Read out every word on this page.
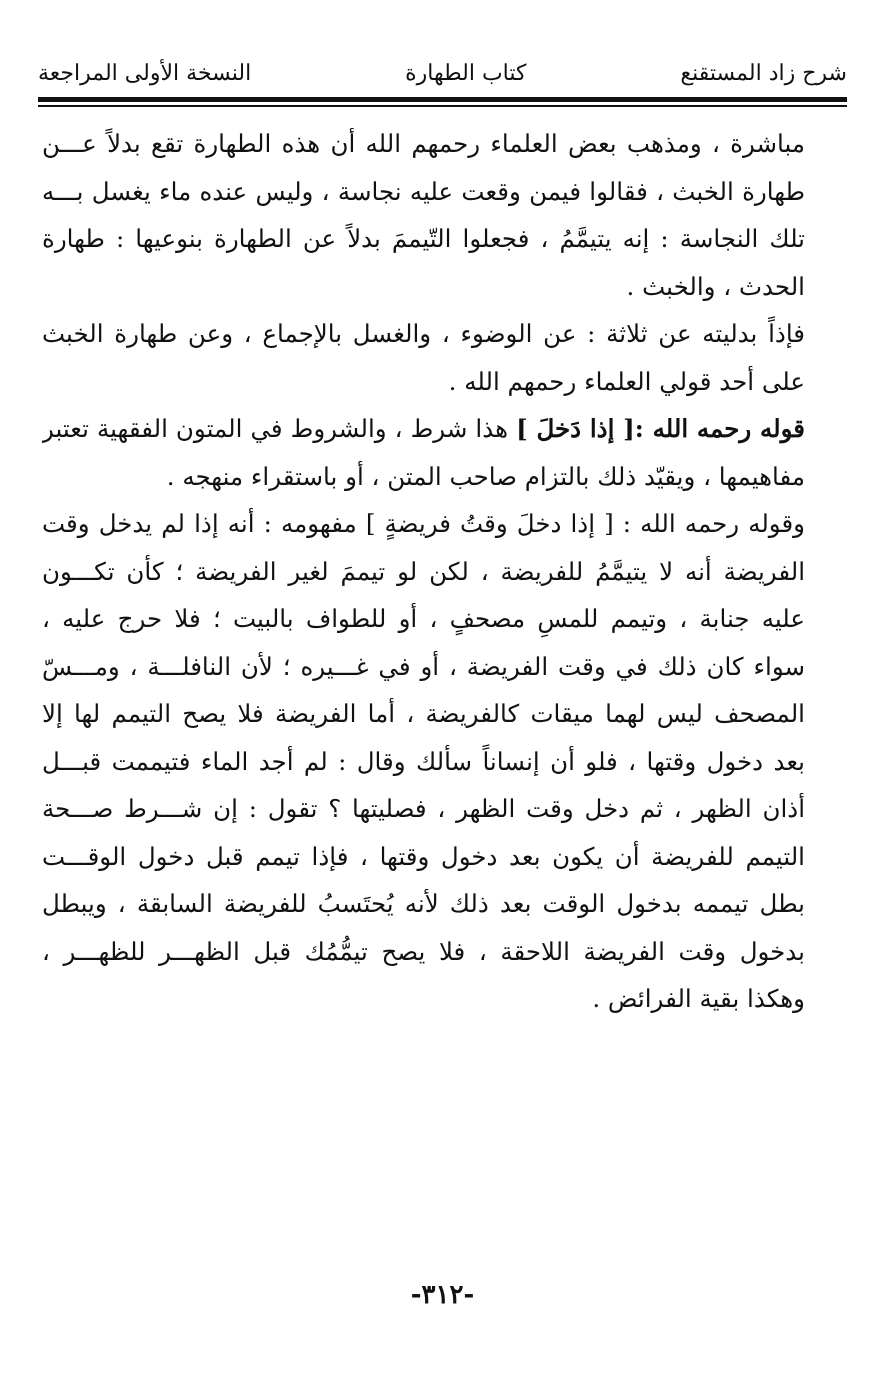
شرح زاد المستقنع
كتاب الطهارة
النسخة الأولى المراجعة
مباشرة ، ومذهب بعض العلماء رحمهم الله أن هذه الطهارة تقع بدلاً عـــن
طهارة الخبث ، فقالوا فيمن وقعت عليه نجاسة ، وليس عنده ماء يغسل بـــه
تلك النجاسة : إنه يتيمَّمُ ، فجعلوا التّيممَ بدلاً عن الطهارة بنوعيها : طهارة
الحدث ، والخبث .
فإذاً بدليته عن ثلاثة : عن الوضوء ، والغسل بالإجماع ، وعن طهارة الخبث
على أحد قولي العلماء رحمهم الله .
قوله رحمه الله :[ إذا دَخلَ ] هذا شرط ، والشروط في المتون الفقهية تعتبر
مفاهيمها ، ويقيّد ذلك بالتزام صاحب المتن ، أو باستقراء منهجه .
وقوله رحمه الله : [ إذا دخلَ وقتُ فريضةٍ ] مفهومه : أنه إذا لم يدخل وقت
الفريضة أنه لا يتيمَّمُ للفريضة ، لكن لو تيممَ لغير الفريضة ؛ كأن تكـــون
عليه جنابة ، وتيمم للمسِ مصحفٍ ، أو للطواف بالبيت ؛ فلا حرج عليه ،
سواء كان ذلك في وقت الفريضة ، أو في غـــيره ؛ لأن النافلـــة ، ومـــسّ
المصحف ليس لهما ميقات كالفريضة ، أما الفريضة فلا يصح التيمم لها إلا
بعد دخول وقتها ، فلو أن إنساناً سألك وقال : لم أجد الماء فتيممت قبـــل
أذان الظهر ، ثم دخل وقت الظهر ، فصليتها ؟ تقول : إن شـــرط صـــحة
التيمم للفريضة أن يكون بعد دخول وقتها ، فإذا تيمم قبل دخول الوقـــت
بطل تيممه بدخول الوقت بعد ذلك لأنه يُحتَسبُ للفريضة السابقة ، ويبطل
بدخول وقت الفريضة اللاحقة ، فلا يصح تيمُّمُك قبل الظهـــر للظهـــر ،
وهكذا بقية الفرائض .
-٣١٢-
